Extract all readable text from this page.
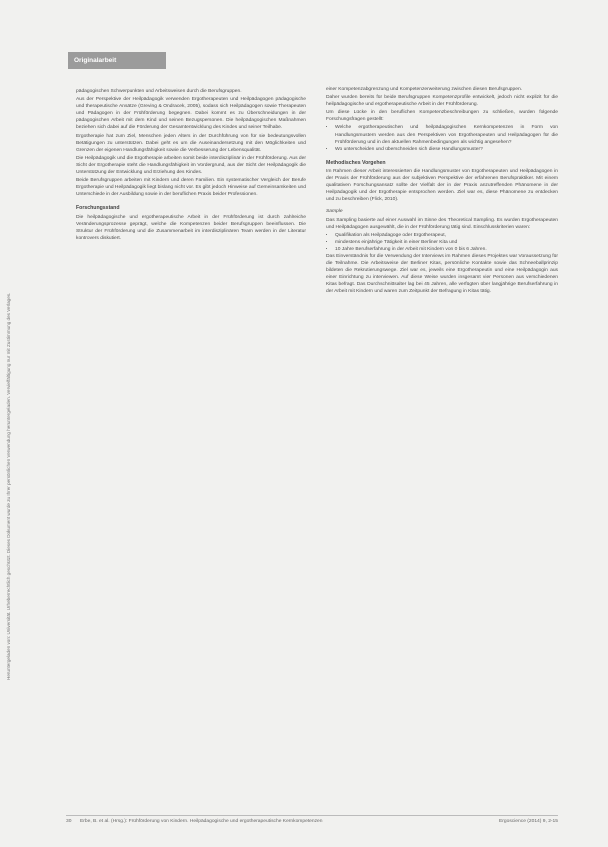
Originalarbeit
Heruntergeladen von: Universität. Urheberrechtlich geschützt. Dieses Dokument wurde zu Ihrer persönlichen Verwendung heruntergeladen. Vervielfältigung nur mit Zustimmung des Verlages.

pädagogischen Schwerpunkten und Arbeitsweisen durch die Berufsgruppen.

Aus der Perspektive der Heilpädagogik verwenden Ergotherapeuten und Heilpädagogen pädagogische und therapeutische Ansätze (Greving & Ondracek, 2005), sodass sich Heilpädagogen sowie Therapeuten und Pädagogen in der Frühförderung begegnen. Dabei kommt es zu Überschneidungen in der pädagogischen Arbeit mit dem Kind und seinen Bezugspersonen. Die heilpädagogischen Maßnahmen beziehen sich dabei auf die Förderung der Gesamtentwicklung des Kindes und seiner Teilhabe.

Ergotherapie hat zum Ziel, Menschen jeden Alters in der Durchführung von für sie bedeutungsvollen Betätigungen zu unterstützen. Dabei geht es um die Auseinandersetzung mit den Möglichkeiten und Grenzen der eigenen Handlungsfähigkeit sowie die Verbesserung der Lebensqualität.

Die Heilpädagogik und die Ergotherapie arbeiten somit beide interdisziplinär in der Frühförderung. Aus der Sicht der Ergotherapie steht die Handlungsfähigkeit im Vordergrund, aus der Sicht der Heilpädagogik die Unterstützung der Entwicklung und Erziehung des Kindes.

Beide Berufsgruppen arbeiten mit Kindern und deren Familien. Ein systematischer Vergleich der Berufe Ergotherapie und Heilpädagogik liegt bislang nicht vor. Es gibt jedoch Hinweise auf Gemeinsamkeiten und Unterschiede in der Ausbildung sowie in der beruflichen Praxis beider Professionen.

Forschungsstand

Die heilpädagogische und ergotherapeutische Arbeit in der Frühförderung ist durch zahlreiche Veränderungsprozesse geprägt, welche die Kompetenzen beider Berufsgruppen beeinflussen. Die Struktur der Frühförderung und die Zusammenarbeit im interdisziplinären Team werden in der Literatur kontrovers diskutiert.

einer Kompetenzabgrenzung und Kompetenzerweiterung zwischen diesen Berufsgruppen.

Daher wurden bereits für beide Berufsgruppen Kompetenzprofile entwickelt, jedoch nicht explizit für die heilpädagogische und ergotherapeutische Arbeit in der Frühförderung.

Um diese Lücke in den beruflichen Kompetenzbeschreibungen zu schließen, wurden folgende Forschungsfragen gestellt:

• Welche ergotherapeutischen und heilpädagogischen Kernkompetenzen in Form von Handlungsmustern werden aus den Perspektiven von Ergotherapeuten und Heilpädagogen für die Frühförderung und in den aktuellen Rahmenbedingungen als wichtig angesehen?
• Wo unterscheiden und überschneiden sich diese Handlungsmuster?
Methodisches Vorgehen

Im Rahmen dieser Arbeit interessierten die Handlungsmuster von Ergotherapeuten und Heilpädagogen in der Praxis der Frühförderung aus der subjektiven Perspektive der erfahrenen Berufspraktiker. Mit einem qualitativen Forschungsansatz sollte der Vielfalt der in der Praxis anzutreffenden Phänomene in der Heilpädagogik und der Ergotherapie entsprochen werden. Ziel war es, diese Phänomene zu entdecken und zu beschreiben (Flick, 2010).

Sample

Das Sampling basierte auf einer Auswahl im Sinne des Theoretical Sampling. Es wurden Ergotherapeuten und Heilpädagogen ausgewählt, die in der Frühförderung tätig sind. Einschlusskriterien waren:

• Qualifikation als Heilpädagoge oder Ergotherapeut,
• mindestens einjährige Tätigkeit in einer Berliner Kita und
• 10 Jahre Berufserfahrung in der Arbeit mit Kindern von 0 bis 6 Jahren.

Das Einverständnis für die Verwendung der Interviews im Rahmen dieses Projektes war Voraussetzung für die Teilnahme. Die Arbeitsweise der Berliner Kitas, persönliche Kontakte sowie das Schneeballprinzip bildeten die Rekrutierungswege. Ziel war es, jeweils eine Ergotherapeutin und eine Heilpädagogin aus einer Einrichtung zu interviewen. Auf diese Weise wurden insgesamt vier Personen aus verschiedenen Kitas befragt. Das Durchschnittsalter lag bei 45 Jahren, alle verfügten über langjährige Berufserfahrung in der Arbeit mit Kindern und waren zum Zeitpunkt der Befragung in Kitas tätig.

30 Erbe, B. et al. (Hrsg.): Frühförderung von Kindern. Heilpädagogische und ergotherapeutische Kernkompetenzen	Ergoscience (2014) 9, 2-15
